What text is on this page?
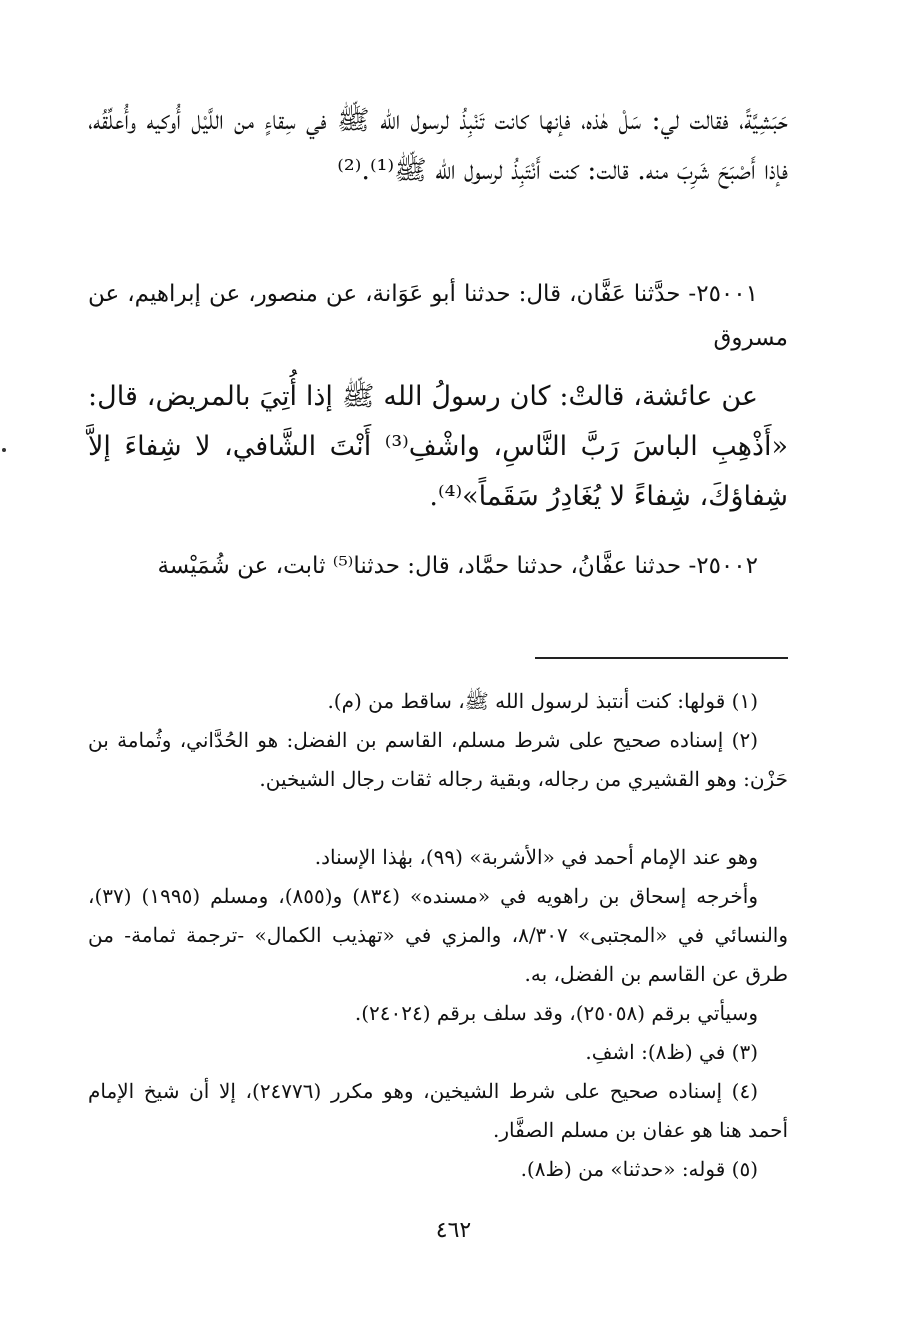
حَبَشِيَّةً، فقالت لي: سَلْ هٰذه، فإنها كانت تَنْبِذُ لرسول الله ﷺ في سِقاءٍ من اللَّيْل أُوكيه وأُعلِّقُه، فإذا أَصْبَحَ شَرِبَ منه. قالت: كنت أَنْتَبِذُ لرسول الله ﷺ⁽¹⁾.⁽²⁾

٢٥٠٠١- حدَّثنا عَفَّان، قال: حدثنا أبو عَوَانة، عن منصور، عن إبراهيم، عن مسروق

عن عائشة، قالتْ: كان رسولُ الله ﷺ إذا أُتِيَ بالمريض، قال: «أَذْهِبِ الباسَ رَبَّ النَّاسِ، واشْفِ⁽³⁾ أَنْتَ الشَّافي، لا شِفاءَ إلاَّ شِفاؤكَ، شِفاءً لا يُغَادِرُ سَقَماً»⁽⁴⁾.

٢٥٠٠٢- حدثنا عفَّانُ، حدثنا حمَّاد، قال: حدثنا⁽⁵⁾ ثابت، عن شُمَيْسة

(١) قولها: كنت أنتبذ لرسول الله ﷺ، ساقط من (م).

(٢) إسناده صحيح على شرط مسلم، القاسم بن الفضل: هو الحُدَّاني، وثُمامة بن حَزْن: وهو القشيري من رجاله، وبقية رجاله ثقات رجال الشيخين.

وهو عند الإمام أحمد في «الأشربة» (٩٩)، بهٰذا الإسناد.

وأخرجه إسحاق بن راهويه في «مسنده» (٨٣٤) و(٨٥٥)، ومسلم (١٩٩٥) (٣٧)، والنسائي في «المجتبى» ٨/٣٠٧، والمزي في «تهذيب الكمال» -ترجمة ثمامة- من طرق عن القاسم بن الفضل، به.

وسيأتي برقم (٢٥٠٥٨)، وقد سلف برقم (٢٤٠٢٤).

(٣) في (ظ٨): اشفِ.

(٤) إسناده صحيح على شرط الشيخين، وهو مكرر (٢٤٧٧٦)، إلا أن شيخ الإمام أحمد هنا هو عفان بن مسلم الصفَّار.

(٥) قوله: «حدثنا» من (ظ٨).

٤٦٢
